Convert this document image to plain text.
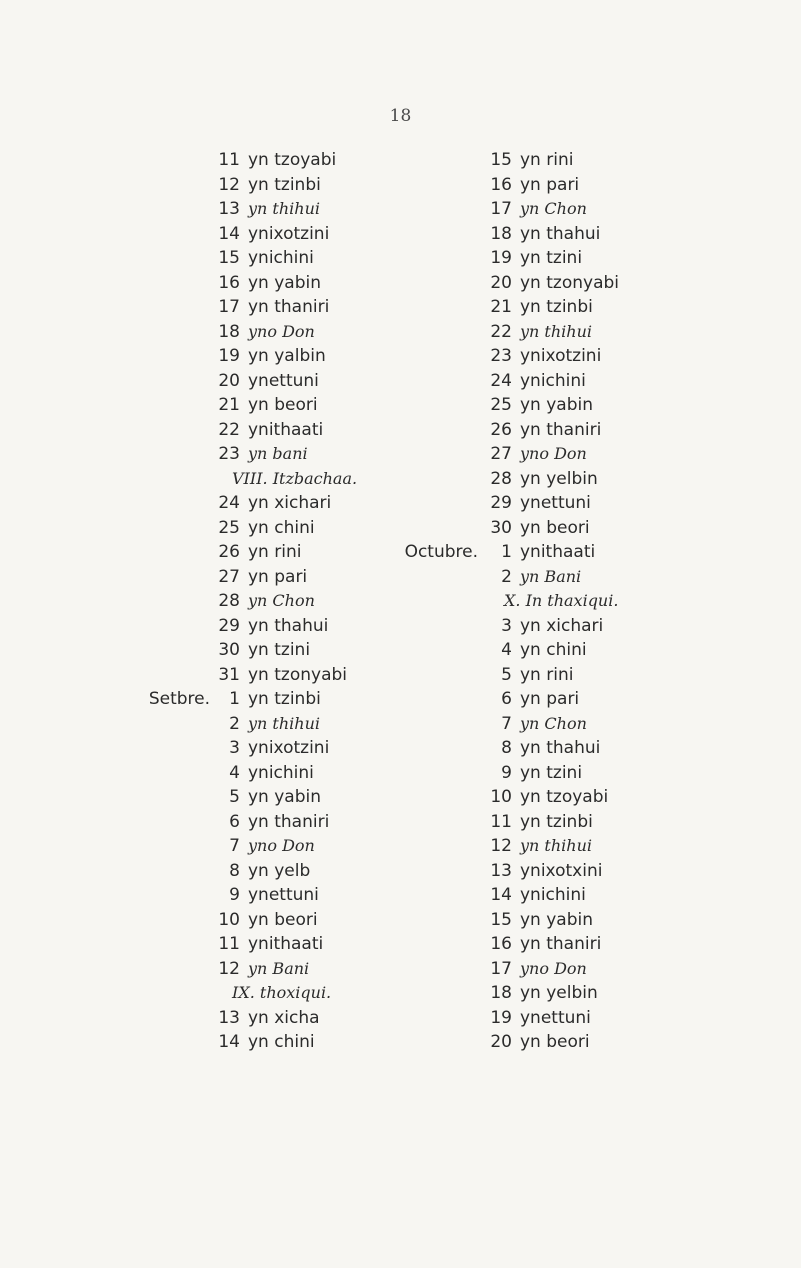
18
11 yn tzoyabi
12 yn tzinbi
13 yn thihui
14 ynixotzini
15 ynichini
16 yn yabin
17 yn thaniri
18 yno Don
19 yn yalbin
20 ynettuni
21 yn beori
22 ynithaati
23 yn bani
VIII. Itzbachaa.
24 yn xichari
25 yn chini
26 yn rini
27 yn pari
28 yn Chon
29 yn thahui
30 yn tzini
31 yn tzonyabi
Setbre.	1 yn tzinbi
2 yn thihui
3 ynixotzini
4 ynichini
5 yn yabin
6 yn thaniri
7 yno Don
8 yn yelb
9 ynettuni
10 yn beori
11 ynithaati
12 yn Bani
IX. thoxiqui.
13 yn xicha
14 yn chini
15 yn rini
16 yn pari
17 yn Chon
18 yn thahui
19 yn tzini
20 yn tzonyabi
21 yn tzinbi
22 yn thihui
23 ynixotzini
24 ynichini
25 yn yabin
26 yn thaniri
27 yno Don
28 yn yelbin
29 ynettuni
30 yn beori
Octubre.	1 ynithaati
2 yn Bani
X. In thaxiqui.
3 yn xichari
4 yn chini
5 yn rini
6 yn pari
7 yn Chon
8 yn thahui
9 yn tzini
10 yn tzoyabi
11 yn tzinbi
12 yn thihui
13 ynixotxini
14 ynichini
15 yn yabin
16 yn thaniri
17 yno Don
18 yn yelbin
19 ynettuni
20 yn beori
